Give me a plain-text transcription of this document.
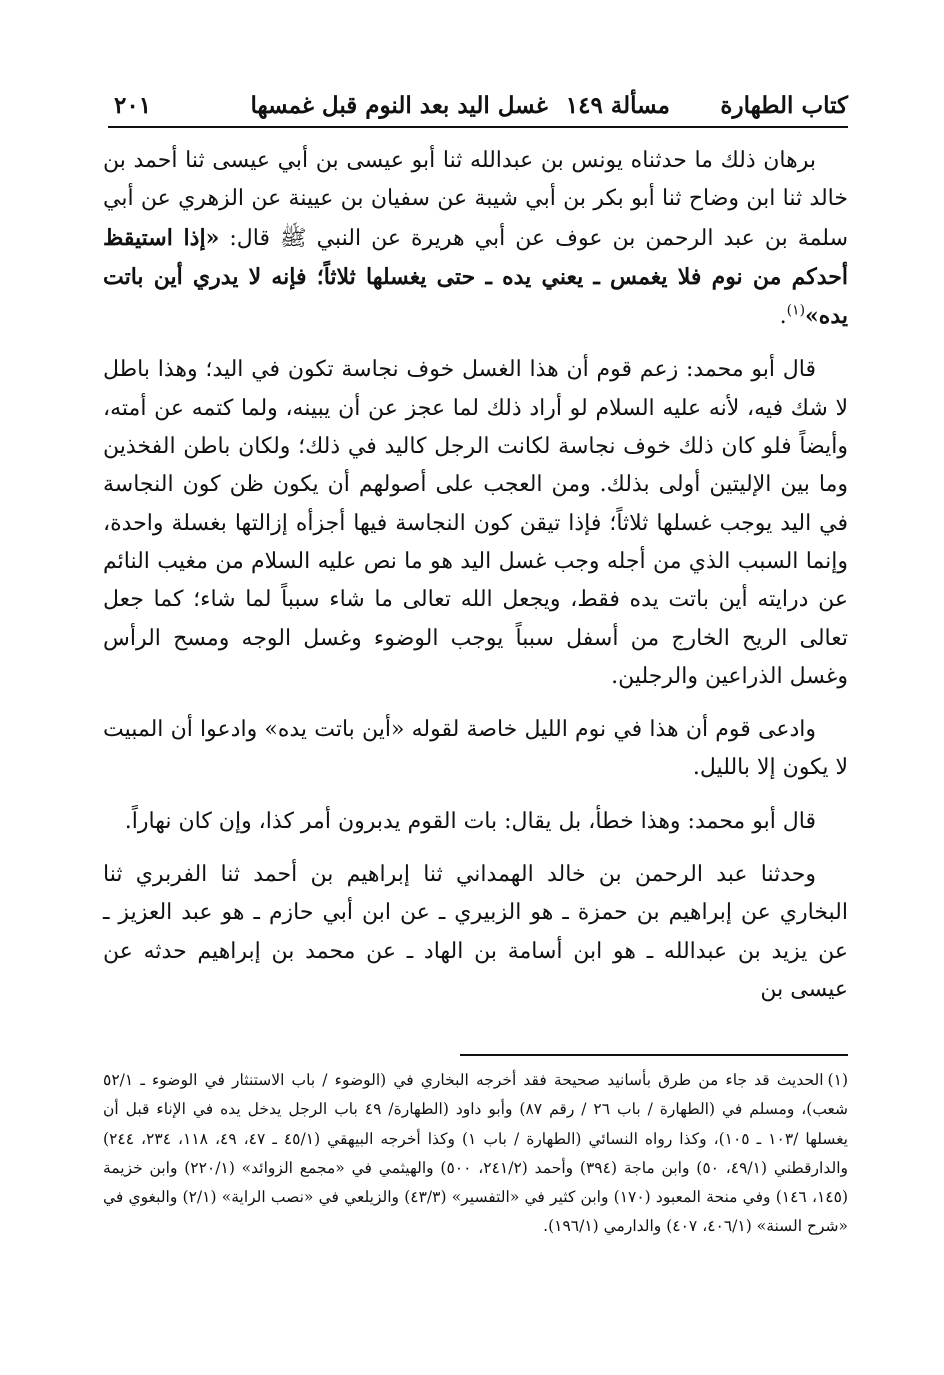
كتاب الطهارة
مسألة ١٤٩ غسل اليد بعد النوم قبل غمسها
٢٠١

برهان ذلك ما حدثناه يونس بن عبدالله ثنا أبو عيسى بن أبي عيسى ثنا أحمد بن خالد ثنا ابن وضاح ثنا أبو بكر بن أبي شيبة عن سفيان بن عيينة عن الزهري عن أبي سلمة بن عبد الرحمن بن عوف عن أبي هريرة عن النبي ﷺ قال: «إذا استيقظ أحدكم من نوم فلا يغمس ـ يعني يده ـ حتى يغسلها ثلاثاً؛ فإنه لا يدري أين باتت يده»$^{(١)}$.

قال أبو محمد: زعم قوم أن هذا الغسل خوف نجاسة تكون في اليد؛ وهذا باطل لا شك فيه، لأنه عليه السلام لو أراد ذلك لما عجز عن أن يبينه، ولما كتمه عن أمته، وأيضاً فلو كان ذلك خوف نجاسة لكانت الرجل كاليد في ذلك؛ ولكان باطن الفخذين وما بين الإليتين أولى بذلك. ومن العجب على أصولهم أن يكون ظن كون النجاسة في اليد يوجب غسلها ثلاثاً؛ فإذا تيقن كون النجاسة فيها أجزأه إزالتها بغسلة واحدة، وإنما السبب الذي من أجله وجب غسل اليد هو ما نص عليه السلام من مغيب النائم عن درايته أين باتت يده فقط، ويجعل الله تعالى ما شاء سبباً لما شاء؛ كما جعل تعالى الريح الخارج من أسفل سبباً يوجب الوضوء وغسل الوجه ومسح الرأس وغسل الذراعين والرجلين.

وادعى قوم أن هذا في نوم الليل خاصة لقوله «أين باتت يده» وادعوا أن المبيت لا يكون إلا بالليل.

قال أبو محمد: وهذا خطأ، بل يقال: بات القوم يدبرون أمر كذا، وإن كان نهاراً.

وحدثنا عبد الرحمن بن خالد الهمداني ثنا إبراهيم بن أحمد ثنا الفربري ثنا البخاري عن إبراهيم بن حمزة ـ هو الزبيري ـ عن ابن أبي حازم ـ هو عبد العزيز ـ عن يزيد بن عبدالله ـ هو ابن أسامة بن الهاد ـ عن محمد بن إبراهيم حدثه عن عيسى بن

(١)الحديث قد جاء من طرق بأسانيد صحيحة فقد أخرجه البخاري في (الوضوء / باب الاستنثار في الوضوء ـ ٥٢/١ شعب)، ومسلم في (الطهارة / باب ٢٦ / رقم ٨٧) وأبو داود (الطهارة/ ٤٩ باب الرجل يدخل يده في الإناء قبل أن يغسلها /١٠٣ ـ ١٠٥)، وكذا رواه النسائي (الطهارة / باب ١) وكذا أخرجه البيهقي (٤٥/١ ـ ٤٧، ٤٩، ١١٨، ٢٣٤، ٢٤٤) والدارقطني (٤٩/١، ٥٠) وابن ماجة (٣٩٤) وأحمد (٢٤١/٢، ٥٠٠) والهيثمي في «مجمع الزوائد» (٢٢٠/١) وابن خزيمة (١٤٥، ١٤٦) وفي منحة المعبود (١٧٠) وابن كثير في «التفسير» (٤٣/٣) والزيلعي في «نصب الراية» (٢/١) والبغوي في «شرح السنة» (٤٠٦/١، ٤٠٧) والدارمي (١٩٦/١).
